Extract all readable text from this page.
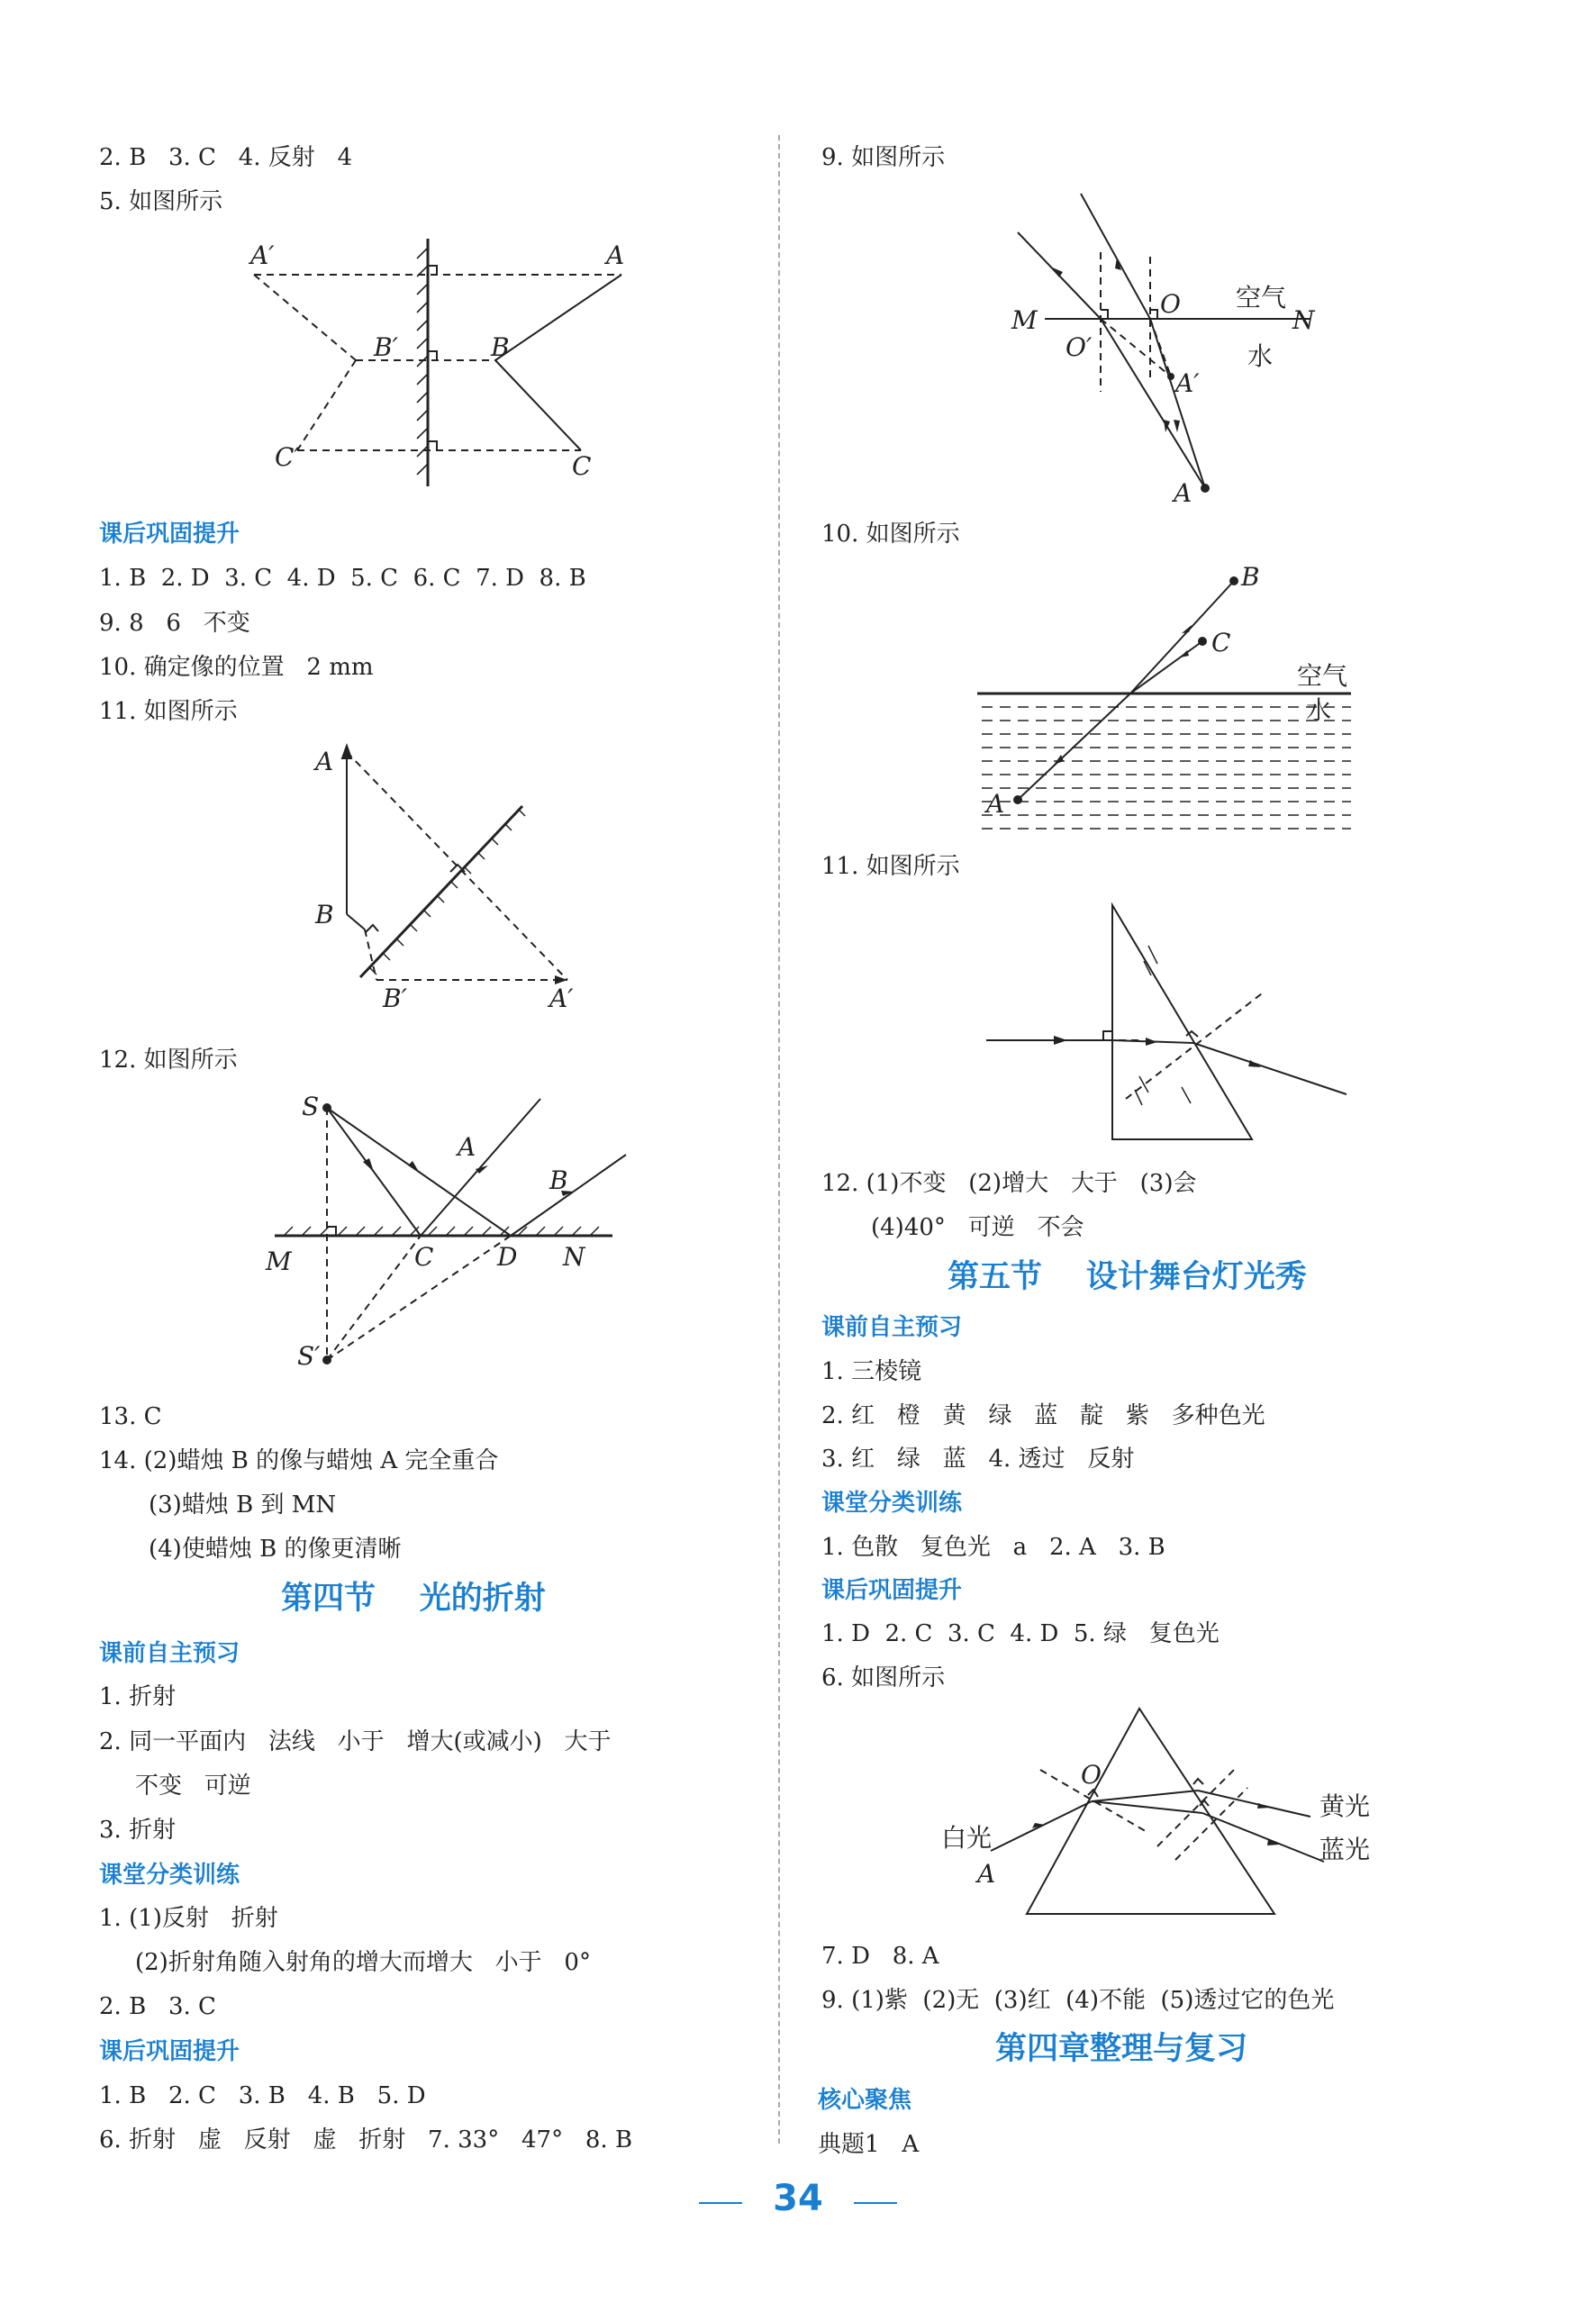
2. B   3. C   4. 反射   4
5. 如图所示
A′	A
B′	B
C′	C
课后巩固提升
1. B  2. D  3. C  4. D  5. C  6. C  7. D  8. B
9. 8   6   不变
10. 确定像的位置   2 mm
11. 如图所示
A
B
B′	A′
12. 如图所示
S
A
B
M	C	D N
S′
13. C
14. (2)蜡烛 B 的像与蜡烛 A 完全重合
(3)蜡烛 B 到 MN
(4)使蜡烛 B 的像更清晰
第四节    光的折射
课前自主预习
1. 折射
2. 同一平面内   法线   小于   增大(或减小)   大于
不变   可逆
3. 折射
课堂分类训练
1. (1)反射   折射
(2)折射角随入射角的增大而增大   小于   0°
2. B   3. C
课后巩固提升
1. B   2. C   3. B   4. B   5. D
6. 折射   虚   反射   虚   折射   7. 33°   47°   8. B
9. 如图所示
M
O 空气
N
O′
A′
水
A
10. 如图所示
B
C
空气
水
A
11. 如图所示
12. (1)不变   (2)增大   大于   (3)会
(4)40°   可逆   不会
第五节    设计舞台灯光秀
课前自主预习
1. 三棱镜
2. 红   橙   黄   绿   蓝   靛   紫   多种色光
3. 红   绿   蓝   4. 透过   反射
课堂分类训练
1. 色散   复色光   a   2. A   3. B
课后巩固提升
1. D  2. C  3. C  4. D  5. 绿   复色光
6. 如图所示
O
白光
A
黄光
蓝光
7. D   8. A
9. (1)紫  (2)无  (3)红  (4)不能  (5)透过它的色光
第四章整理与复习
核心聚焦
典题1   A
34
